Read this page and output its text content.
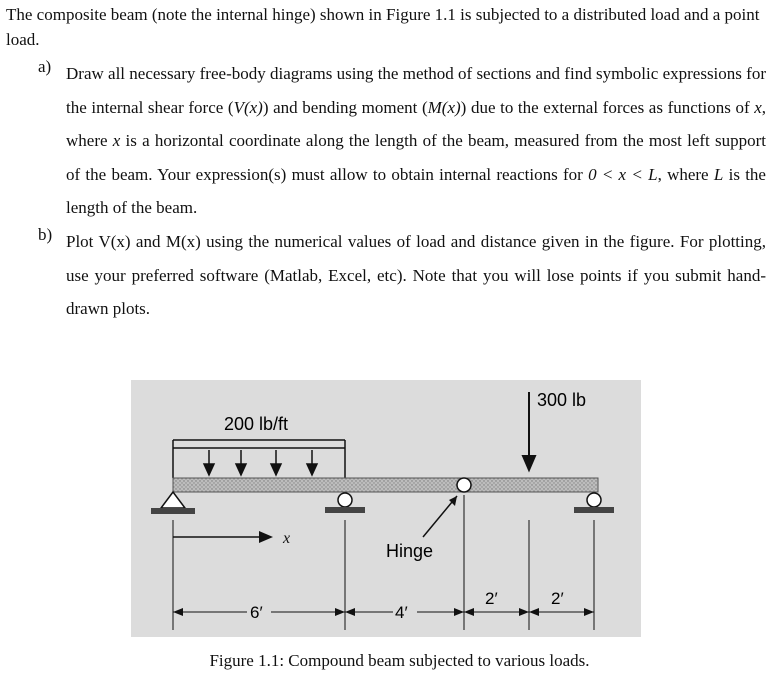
The composite beam (note the internal hinge) shown in Figure 1.1 is subjected to a distributed load and a point load.
a) Draw all necessary free-body diagrams using the method of sections and find symbolic expressions for the internal shear force (V(x)) and bending moment (M(x)) due to the external forces as functions of x, where x is a horizontal coordinate along the length of the beam, measured from the most left support of the beam. Your expression(s) must allow to obtain internal reactions for 0 < x < L, where L is the length of the beam.
b) Plot V(x) and M(x) using the numerical values of load and distance given in the figure. For plotting, use your preferred software (Matlab, Excel, etc). Note that you will lose points if you submit hand-drawn plots.
200 lb/ft
300 lb
x
Hinge
6′	4′
2′	2′
Figure 1.1: Compound beam subjected to various loads.
